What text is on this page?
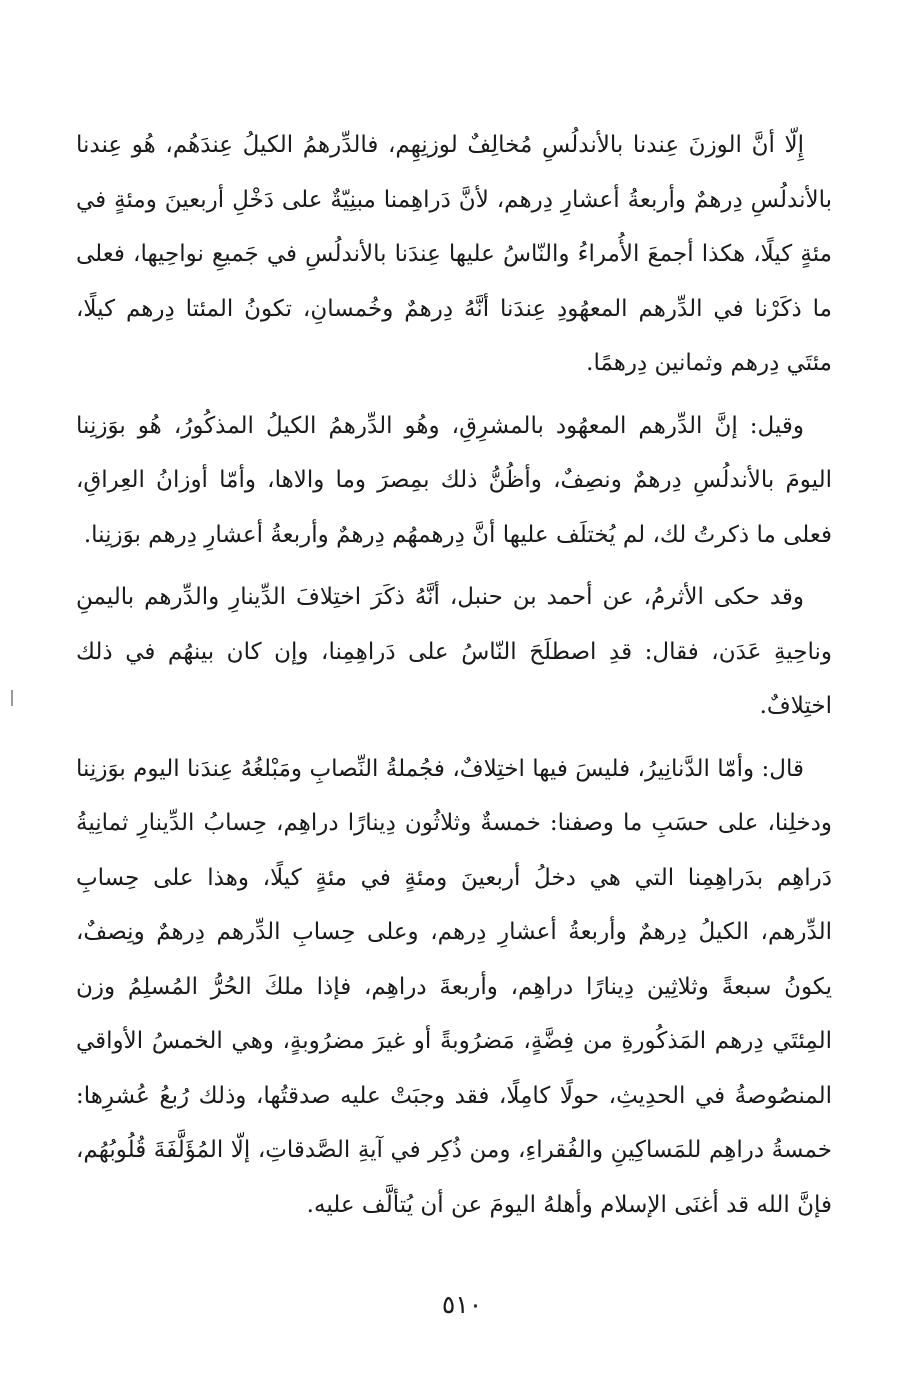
إِلّا أنَّ الوزنَ عِندنا بالأندلُسِ مُخالِفٌ لوزنِهِم، فالدِّرهمُ الكيلُ عِندَهُم، هُو عِندنا بالأندلُسِ دِرهمٌ وأربعةُ أعشارِ دِرهم، لأنَّ دَراهِمنا مبنِيّةٌ على دَخْلِ أربعينَ ومئةٍ في مئةٍ كيلًا، هكذا أجمعَ الأُمراءُ والنّاسُ عليها عِندَنا بالأندلُسِ في جَميعِ نواحِيها، فعلى ما ذكَرْنا في الدِّرهم المعهُودِ عِندَنا أنَّهُ دِرهمٌ وخُمسانِ، تكونُ المئتا دِرهم كيلًا، مئتَي دِرهم وثمانين دِرهمًا.

وقيل: إنَّ الدِّرهم المعهُود بالمشرِقِ، وهُو الدِّرهمُ الكيلُ المذكُورُ، هُو بوَزنِنا اليومَ بالأندلُسِ دِرهمٌ ونصِفٌ، وأظُنُّ ذلك بمِصرَ وما والاها، وأمّا أوزانُ العِراقِ، فعلى ما ذكرتُ لك، لم يُختلَف عليها أنَّ دِرهمهُم دِرهمٌ وأربعةُ أعشارِ دِرهم بوَزنِنا.

وقد حكى الأثرمُ، عن أحمد بن حنبل، أنَّهُ ذكَرَ اختِلافَ الدِّينارِ والدِّرهم باليمنِ وناحِيةِ عَدَن، فقال: قدِ اصطلَحَ النّاسُ على دَراهِمِنا، وإن كان بينهُم في ذلك اختِلافٌ.

قال: وأمّا الدَّنانِيرُ، فليسَ فيها اختِلافٌ، فجُملةُ النِّصابِ ومَبْلغُهُ عِندَنا اليوم بوَزنِنا ودخلِنا، على حسَبِ ما وصفنا: خمسةٌ وثلاثُون دِينارًا دراهِم، حِسابُ الدِّينارِ ثمانِيةُ دَراهِم بدَراهِمِنا التي هي دخلُ أربعينَ ومئةٍ في مئةٍ كيلًا، وهذا على حِسابِ الدِّرهم، الكيلُ دِرهمٌ وأربعةُ أعشارِ دِرهم، وعلى حِسابِ الدِّرهم دِرهمٌ ونِصفٌ، يكونُ سبعةً وثلاثِين دِينارًا دراهِم، وأربعةَ دراهِم، فإذا ملكَ الحُرُّ المُسلِمُ وزن المِئتَي دِرهم المَذكُورةِ من فِضَّةٍ، مَضرُوبةً أو غيرَ مضرُوبةٍ، وهي الخمسُ الأواقي المنصُوصةُ في الحدِيثِ، حولًا كامِلًا، فقد وجبَتْ عليه صدقتُها، وذلك رُبعُ عُشرِها: خمسةُ دراهِم للمَساكِينِ والفُقراءِ، ومن ذُكِر في آيةِ الصَّدقاتِ، إلّا المُؤَلَّفَةَ قُلُوبُهُم، فإنَّ الله قد أغنَى الإسلام وأهلهُ اليومَ عن أن يُتألَّف عليه.

٥١٠
